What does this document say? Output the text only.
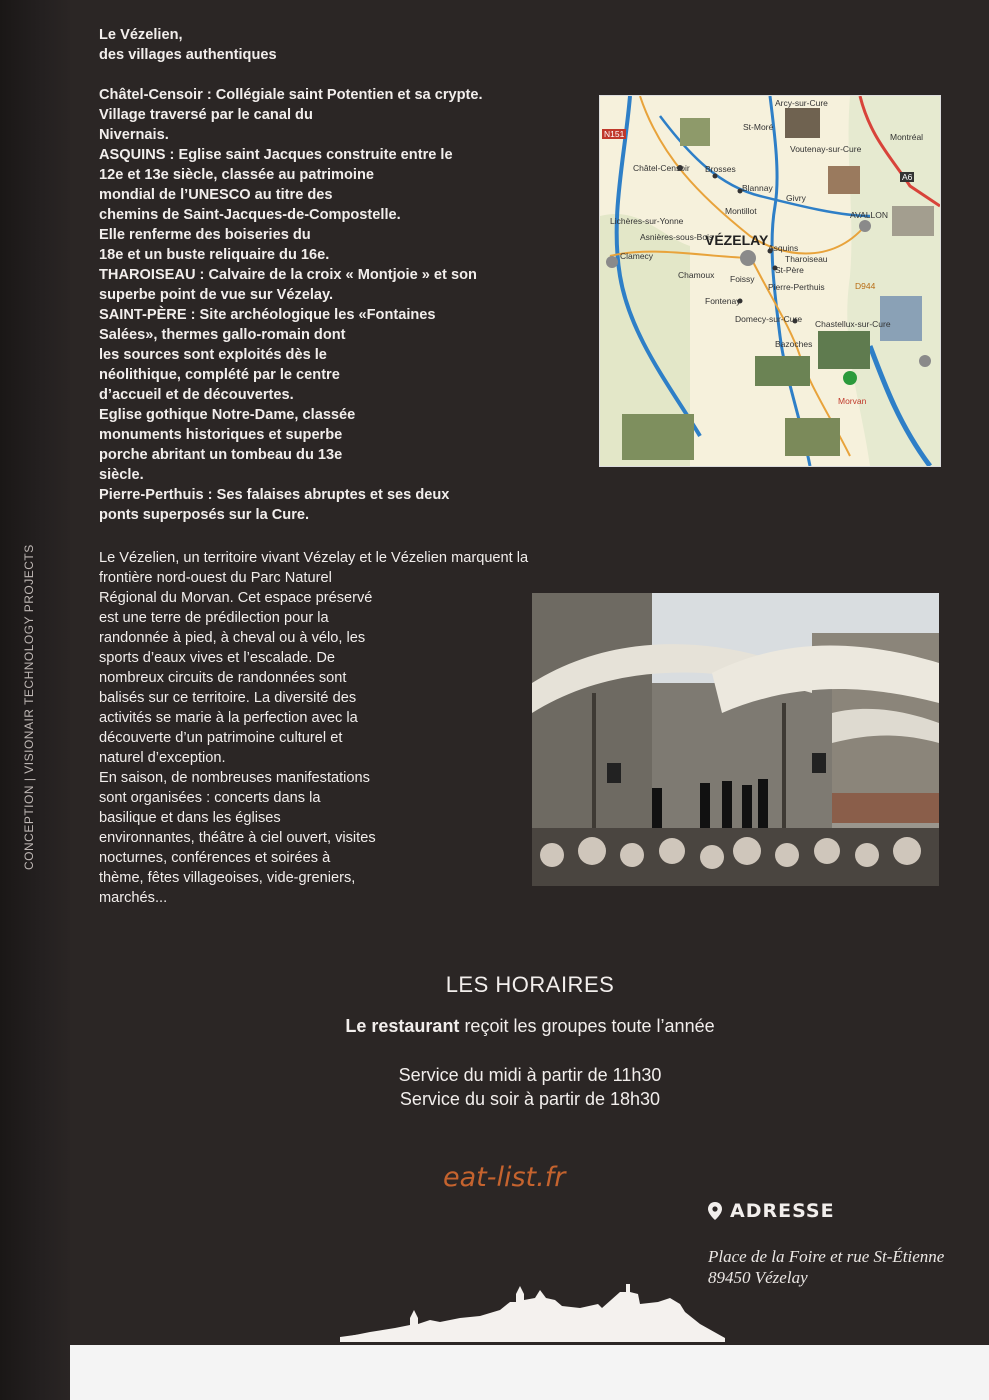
CONCEPTION | VISIONAIR TECHNOLOGY PROJECTS
Le Vézelien,
des villages authentiques
Châtel-Censoir : Collégiale saint Potentien et sa crypte.
Village traversé par le canal du
Nivernais.
ASQUINS : Eglise saint Jacques construite entre le
12e et 13e siècle, classée au patrimoine
mondial de l’UNESCO au titre des
chemins de Saint-Jacques-de-Compostelle.
Elle renferme des boiseries du
18e et un buste reliquaire du 16e.
THAROISEAU : Calvaire de la croix « Montjoie » et son
superbe point de vue sur Vézelay.
SAINT-PÈRE : Site archéologique les «Fontaines
Salées», thermes gallo-romain dont
les sources sont exploités dès le
néolithique, complété par le centre
d’accueil et de découvertes.
Eglise gothique Notre-Dame, classée
monuments historiques et superbe
porche abritant un tombeau du 13e
siècle.
Pierre-Perthuis : Ses falaises abruptes et ses deux
ponts superposés sur la Cure.
Arcy-sur-Cure
St-Moré
Voutenay-sur-Cure
Montréal
Châtel-Censoir Brosses
Blannay
Givry
Montillot	AVALLON
Lichères-sur-Yonne
Asnières-sous-Bois
VÉZELAY
Clamecy
Asquins
Tharoiseau
St-Père
Chamoux Foissy
Pierre-Perthuis
Fontenay
Domecy-sur-Cure Chastellux-sur-Cure
Bazoches
Morvan
N151
A6
D944
Le Vézelien, un territoire vivant Vézelay et le Vézelien marquent la
frontière nord-ouest du Parc Naturel
Régional du Morvan. Cet espace préservé
est une terre de prédilection pour la
randonnée à pied, à cheval ou à vélo, les
sports d’eaux vives et l’escalade. De
nombreux circuits de randonnées sont
balisés sur ce territoire. La diversité des
activités se marie à la perfection avec la
découverte d’un patrimoine culturel et
naturel d’exception.
En saison, de nombreuses manifestations
sont organisées : concerts dans la
basilique et dans les églises
environnantes, théâtre à ciel ouvert, visites
nocturnes, conférences et soirées à
thème, fêtes villageoises, vide-greniers,
marchés...
LES HORAIRES
Le restaurant reçoit les groupes toute l’année
Service du midi à partir de 11h30
Service du soir à partir de 18h30
eat-list.fr
ADRESSE
Place de la Foire et rue St-Étienne
89450 Vézelay
